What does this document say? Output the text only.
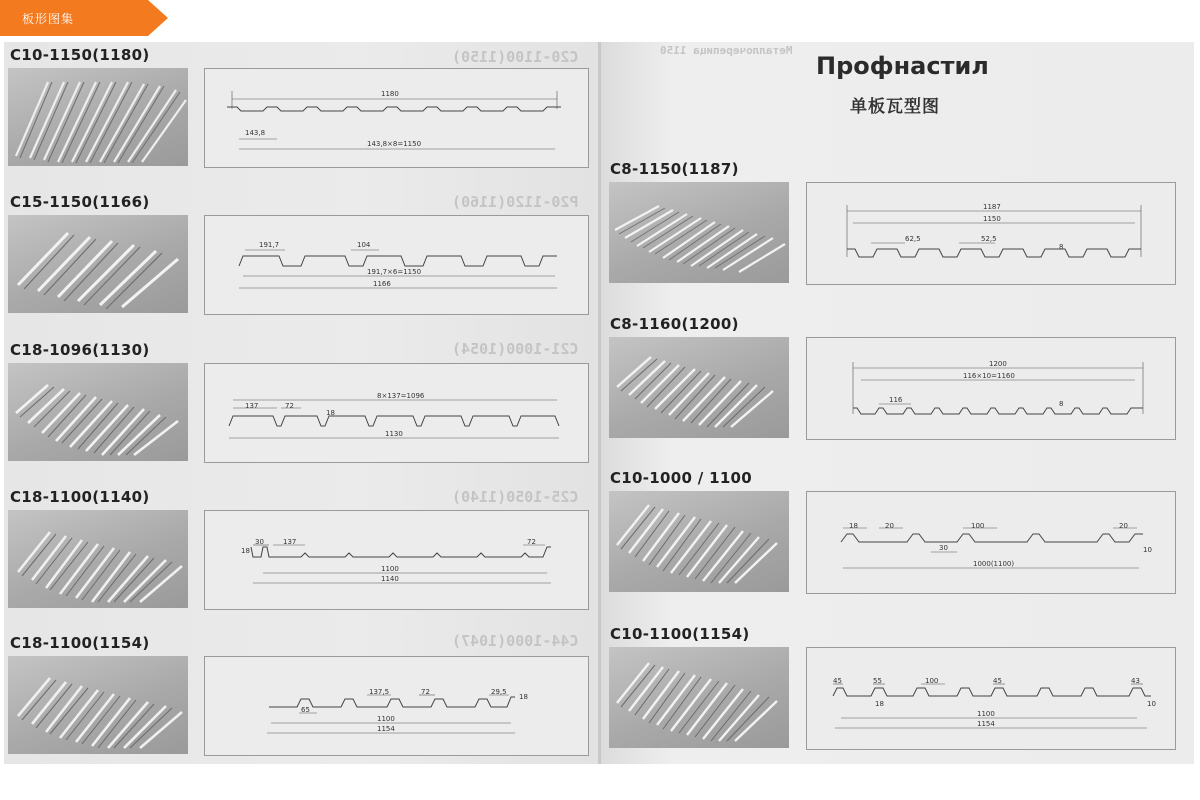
板形图集
C20-1100(1150)
P20-1120(1160)
C21-1000(1054)
C25-1050(1140)
C44-1000(1047)
Металлочерепица 1150
Профнастил
单板瓦型图
C10-1150(1180)
1180
143,8
143,8×8=1150
C15-1150(1166)
191,7	104
191,7×6=1150
1166
C18-1096(1130)
8×137=1096
137	72
18
1130
C18-1100(1140)
18
30	137	72
1100
1140
C18-1100(1154)
137,5	72	29,5
18
65
1100
1154
C8-1150(1187)
1187
1150
62,5	52,5
8
C8-1160(1200)
1200
116×10=1160
116	8
C10-1000 / 1100
18	20	100	20
30	10
1000(1100)
C10-1100(1154)
45	55	100	45	43
18	10
1100
1154
